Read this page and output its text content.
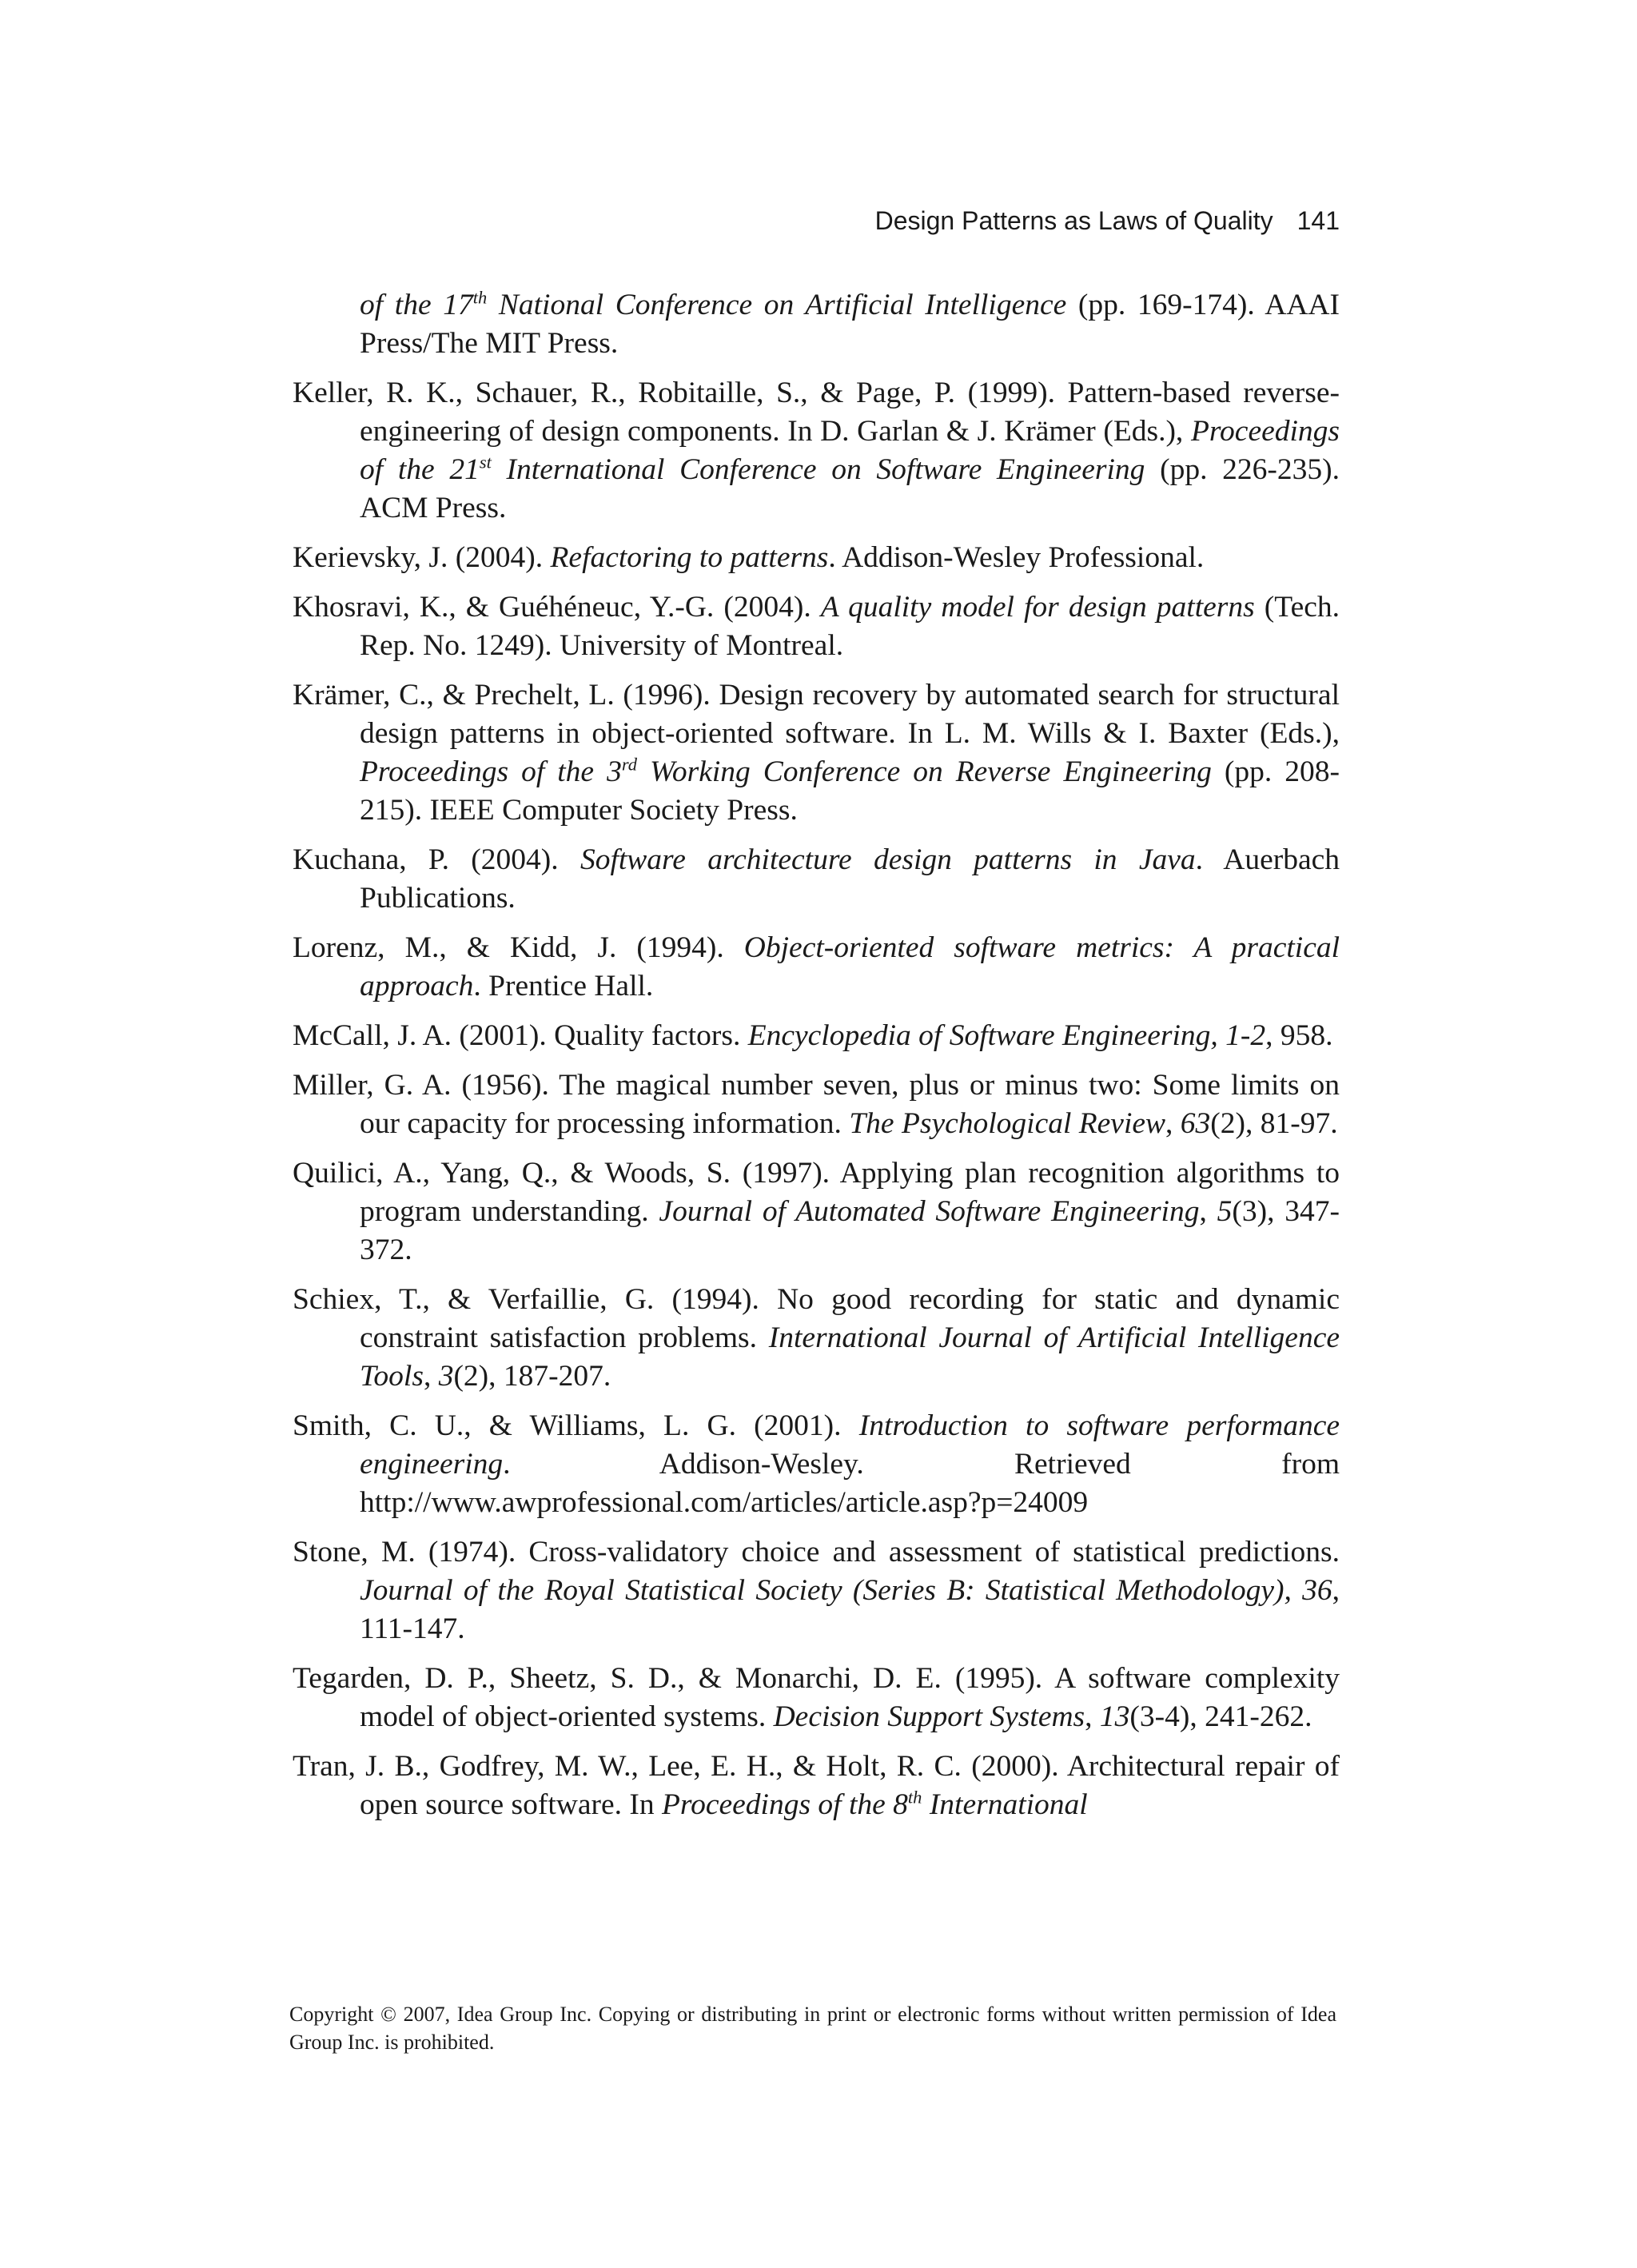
Design Patterns as Laws of Quality 141

of the 17th National Conference on Artificial Intelligence (pp. 169-174). AAAI Press/The MIT Press.

Keller, R. K., Schauer, R., Robitaille, S., & Page, P. (1999). Pattern-based reverse-engineering of design components. In D. Garlan & J. Krämer (Eds.), Proceedings of the 21st International Conference on Software Engineering (pp. 226-235). ACM Press.

Kerievsky, J. (2004). Refactoring to patterns. Addison-Wesley Professional.

Khosravi, K., & Guéhéneuc, Y.-G. (2004). A quality model for design patterns (Tech. Rep. No. 1249). University of Montreal.

Krämer, C., & Prechelt, L. (1996). Design recovery by automated search for structural design patterns in object-oriented software. In L. M. Wills & I. Baxter (Eds.), Proceedings of the 3rd Working Conference on Reverse Engineering (pp. 208-215). IEEE Computer Society Press.

Kuchana, P. (2004). Software architecture design patterns in Java. Auerbach Publications.

Lorenz, M., & Kidd, J. (1994). Object-oriented software metrics: A practical approach. Prentice Hall.

McCall, J. A. (2001). Quality factors. Encyclopedia of Software Engineering, 1-2, 958.

Miller, G. A. (1956). The magical number seven, plus or minus two: Some limits on our capacity for processing information. The Psychological Review, 63(2), 81-97.

Quilici, A., Yang, Q., & Woods, S. (1997). Applying plan recognition algorithms to program understanding. Journal of Automated Software Engineering, 5(3), 347-372.

Schiex, T., & Verfaillie, G. (1994). No good recording for static and dynamic constraint satisfaction problems. International Journal of Artificial Intelligence Tools, 3(2), 187-207.

Smith, C. U., & Williams, L. G. (2001). Introduction to software performance engineering. Addison-Wesley. Retrieved from http://www.awprofessional.com/articles/article.asp?p=24009

Stone, M. (1974). Cross-validatory choice and assessment of statistical predictions. Journal of the Royal Statistical Society (Series B: Statistical Methodology), 36, 111-147.

Tegarden, D. P., Sheetz, S. D., & Monarchi, D. E. (1995). A software complexity model of object-oriented systems. Decision Support Systems, 13(3-4), 241-262.

Tran, J. B., Godfrey, M. W., Lee, E. H., & Holt, R. C. (2000). Architectural repair of open source software. In Proceedings of the 8th International

Copyright © 2007, Idea Group Inc. Copying or distributing in print or electronic forms without written permission of Idea Group Inc. is prohibited.
